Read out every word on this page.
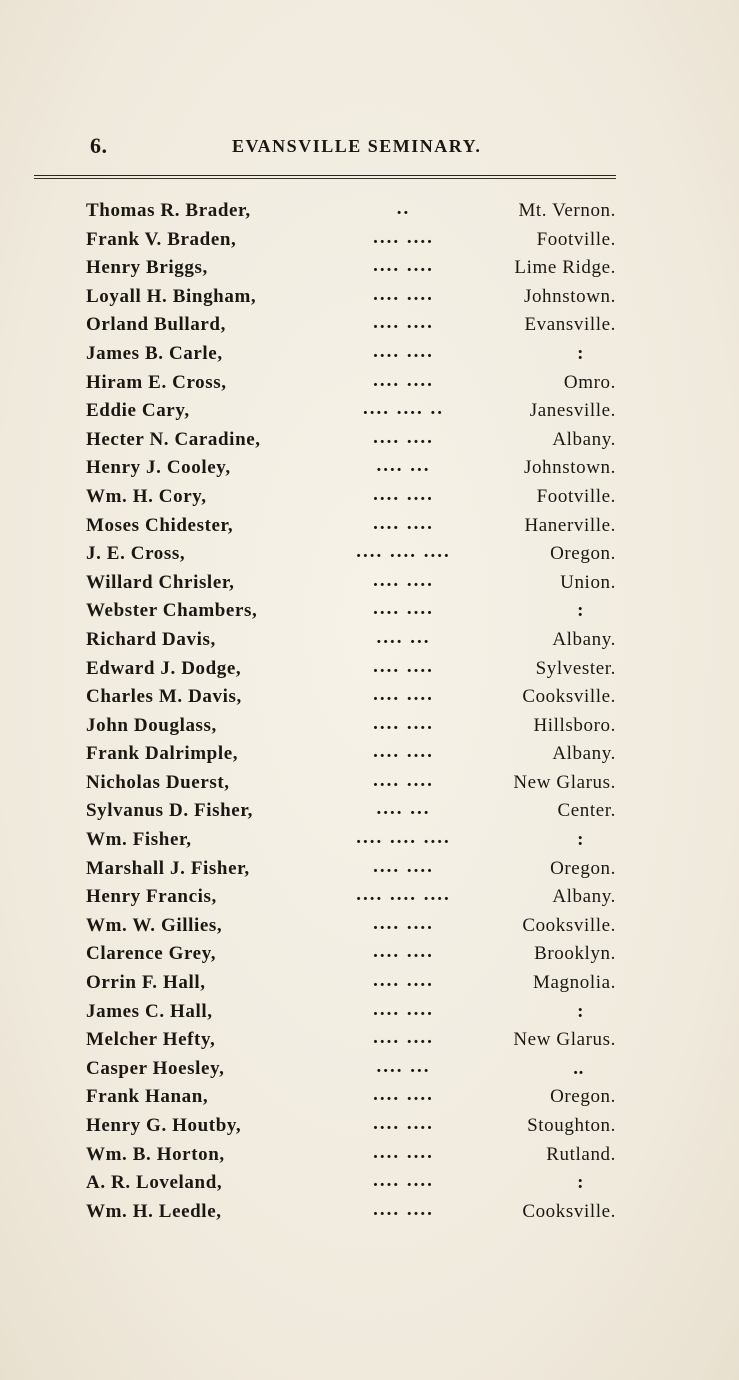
6.	EVANSVILLE SEMINARY.
Thomas R. Brader,	..	Mt. Vernon.
Frank V. Braden,	.... ....	Footville.
Henry Briggs,	.... ....	Lime Ridge.
Loyall H. Bingham,	.... ....	Johnstown.
Orland Bullard,	.... ....	Evansville.
James B. Carle,	.... ....	:
Hiram E. Cross,	.... ....	Omro.
Eddie Cary,	.... .... ..	Janesville.
Hecter N. Caradine,	.... ....	Albany.
Henry J. Cooley,	.... ...	Johnstown.
Wm. H. Cory,	.... ....	Footville.
Moses Chidester,	.... ....	Hanerville.
J. E. Cross,	.... .... ....	Oregon.
Willard Chrisler,	.... ....	Union.
Webster Chambers,	.... ....	:
Richard Davis,	.... ...	Albany.
Edward J. Dodge,	.... ....	Sylvester.
Charles M. Davis,	.... ....	Cooksville.
John Douglass,	.... ....	Hillsboro.
Frank Dalrimple,	.... ....	Albany.
Nicholas Duerst,	.... ....	New Glarus.
Sylvanus D. Fisher,	.... ...	Center.
Wm. Fisher,	.... .... ....	:
Marshall J. Fisher,	.... ....	Oregon.
Henry Francis,	.... .... ....	Albany.
Wm. W. Gillies,	.... ....	Cooksville.
Clarence Grey,	.... ....	Brooklyn.
Orrin F. Hall,	.... ....	Magnolia.
James C. Hall,	.... ....	:
Melcher Hefty,	.... ....	New Glarus.
Casper Hoesley,	.... ...	..
Frank Hanan,	.... ....	Oregon.
Henry G. Houtby,	.... ....	Stoughton.
Wm. B. Horton,	.... ....	Rutland.
A. R. Loveland,	.... ....	:
Wm. H. Leedle,	.... ....	Cooksville.
